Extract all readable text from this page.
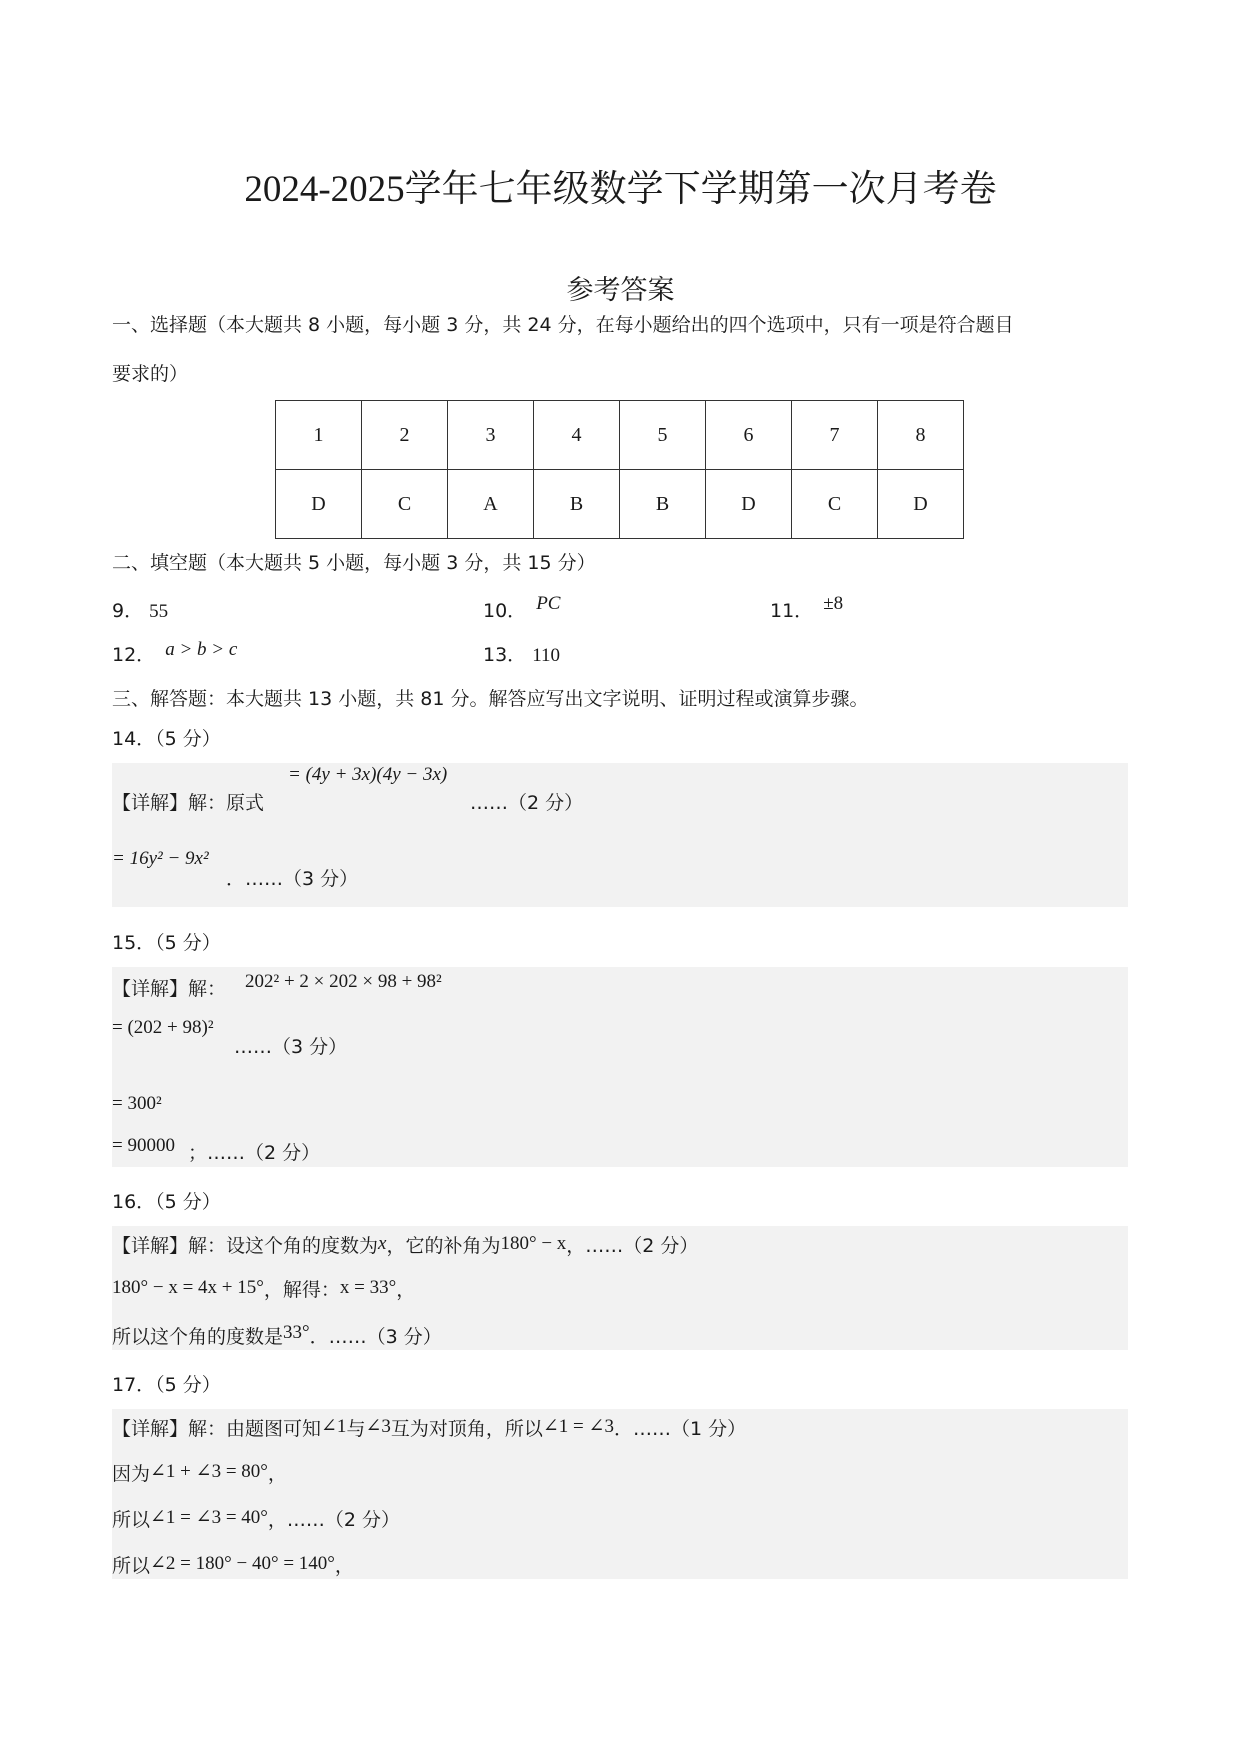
2024-2025学年七年级数学下学期第一次月考卷
参考答案
一、选择题（本大题共 8 小题，每小题 3 分，共 24 分，在每小题给出的四个选项中，只有一项是符合题目
要求的）
1	2	3	4	5	6	7	8
D	C	A	B	B	D	C	D
二、填空题（本大题共 5 小题，每小题 3 分，共 15 分）
9． 55	10． PC	11． ±8
12． a > b > c	13． 110
三、解答题：本大题共 13 小题，共 81 分。解答应写出文字说明、证明过程或演算步骤。
14．（5 分）
【详解】解：原式
= (4y + 3x)(4y − 3x)
……（2 分）
= 16y² − 9x²
．……（3 分）
15．（5 分）
【详解】解： 202² + 2 × 202 × 98 + 98²
= (202 + 98)²
……（3 分）
= 300²
= 90000 ；……（2 分）
16．（5 分）
【详解】解：设这个角的度数为x，它的补角为180° − x，……（2 分）
180° − x = 4x + 15°，解得：x = 33°，
所以这个角的度数是33°．……（3 分）
17．（5 分）
【详解】解：由题图可知∠1与∠3互为对顶角，所以∠1 = ∠3．……（1 分）
因为∠1 + ∠3 = 80°，
所以∠1 = ∠3 = 40°，……（2 分）
所以∠2 = 180° − 40° = 140°，
